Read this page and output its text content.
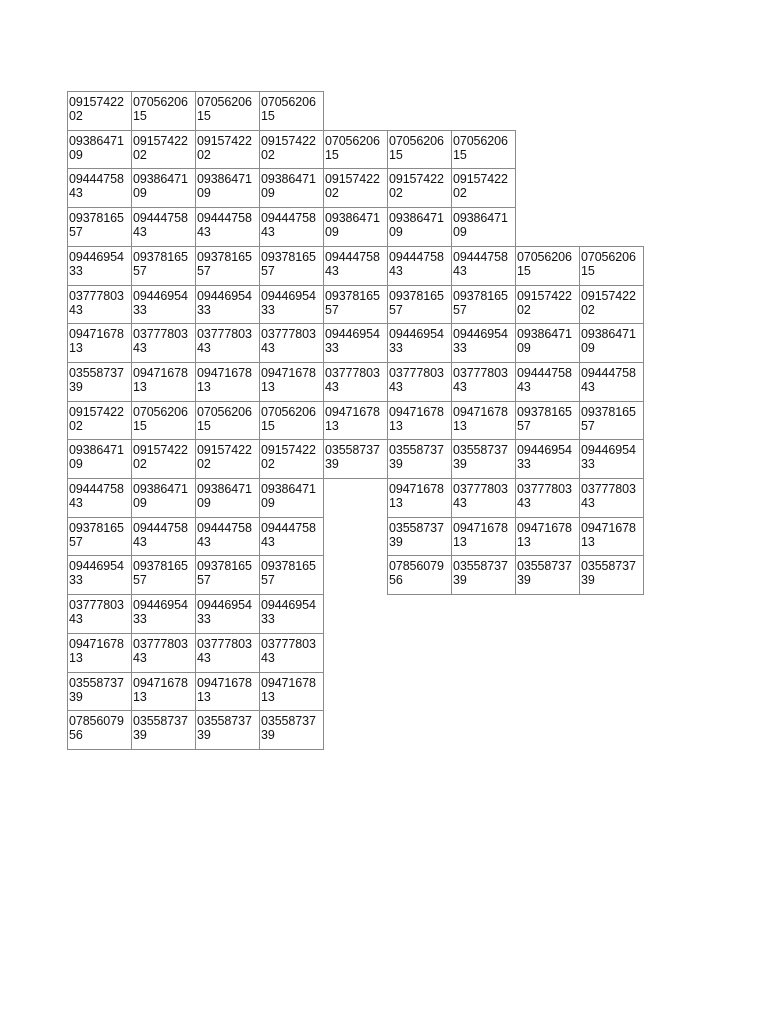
09157422
02
07056206
15
07056206
15
07056206
15
09386471
09
09157422
02
09157422
02
09157422
02
07056206
15
07056206
15
07056206
15
09444758
43
09386471
09
09386471
09
09386471
09
09157422
02
09157422
02
09157422
02
09378165
57
09444758
43
09444758
43
09444758
43
09386471
09
09386471
09
09386471
09
09446954
33
09378165
57
09378165
57
09378165
57
09444758
43
09444758
43
09444758
43
07056206
15
07056206
15
03777803
43
09446954
33
09446954
33
09446954
33
09378165
57
09378165
57
09378165
57
09157422
02
09157422
02
09471678
13
03777803
43
03777803
43
03777803
43
09446954
33
09446954
33
09446954
33
09386471
09
09386471
09
03558737
39
09471678
13
09471678
13
09471678
13
03777803
43
03777803
43
03777803
43
09444758
43
09444758
43
09157422
02
07056206
15
07056206
15
07056206
15
09471678
13
09471678
13
09471678
13
09378165
57
09378165
57
09386471
09
09157422
02
09157422
02
09157422
02
03558737
39
03558737
39
03558737
39
09446954
33
09446954
33
09444758
43
09386471
09
09386471
09
09386471
09
09471678
13
03777803
43
03777803
43
03777803
43
09378165
57
09444758
43
09444758
43
09444758
43
03558737
39
09471678
13
09471678
13
09471678
13
09446954
33
09378165
57
09378165
57
09378165
57
07856079
56
03558737
39
03558737
39
03558737
39
03777803
43
09446954
33
09446954
33
09446954
33
09471678
13
03777803
43
03777803
43
03777803
43
03558737
39
09471678
13
09471678
13
09471678
13
07856079
56
03558737
39
03558737
39
03558737
39
